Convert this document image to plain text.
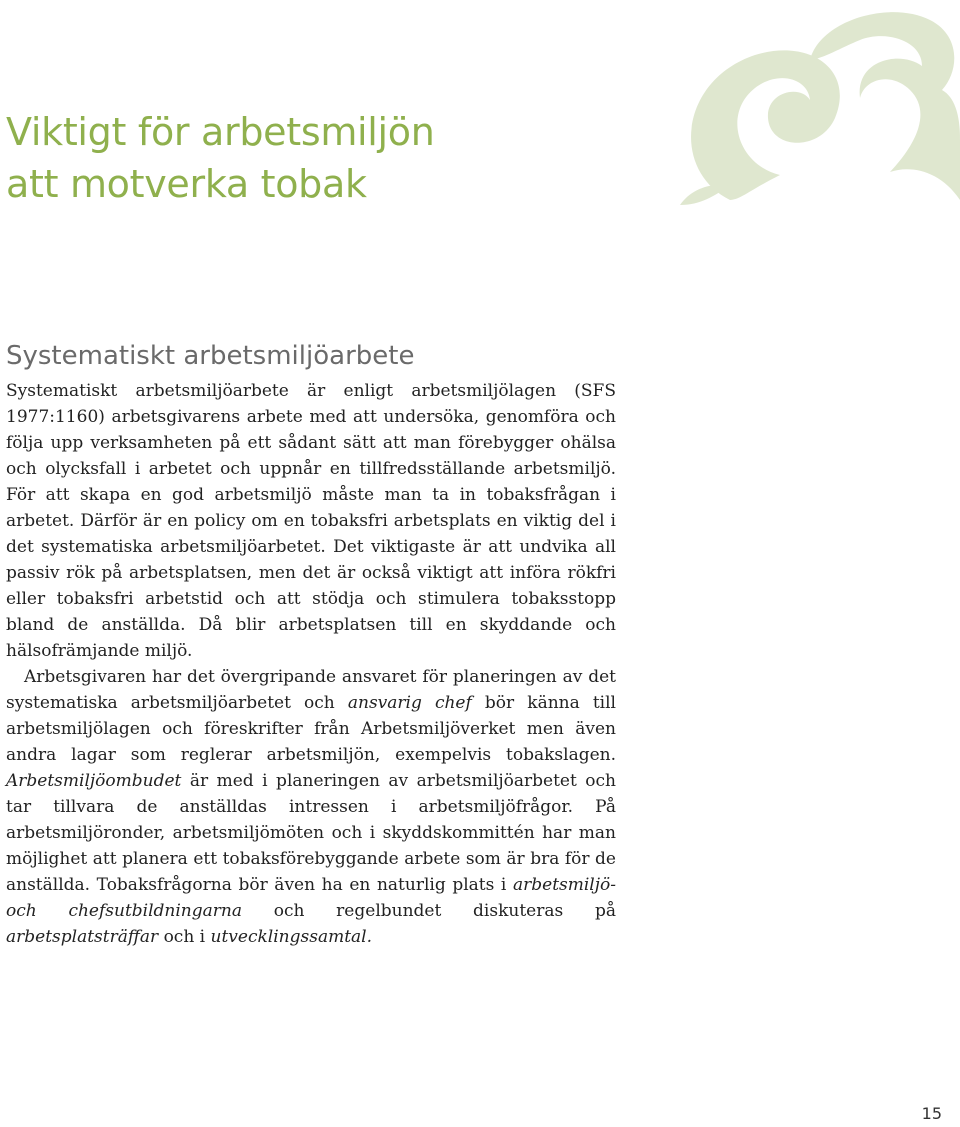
Viktigt för arbetsmiljön
att motverka tobak
Systematiskt arbetsmiljöarbete

Systematiskt arbetsmiljöarbete är enligt arbetsmiljölagen (SFS 1977:1160) arbetsgivarens arbete med att undersöka, genomföra och följa upp verksamheten på ett sådant sätt att man förebygger ohälsa och olycksfall i arbetet och uppnår en tillfredsställande arbetsmiljö. För att skapa en god arbetsmiljö måste man ta in tobaksfrågan i arbetet. Därför är en policy om en tobaksfri arbetsplats en viktig del i det systematiska arbetsmiljöarbetet. Det viktigaste är att undvika all passiv rök på arbetsplatsen, men det är också viktigt att införa rökfri eller tobaksfri arbetstid och att stödja och stimulera tobaksstopp bland de anställda. Då blir arbetsplatsen till en skyddande och hälsofrämjande miljö.

Arbetsgivaren har det övergripande ansvaret för planeringen av det systematiska arbetsmiljöarbetet och ansvarig chef bör känna till arbetsmiljölagen och föreskrifter från Arbetsmiljöverket men även andra lagar som reglerar arbetsmiljön, exempelvis tobakslagen. Arbetsmiljöombudet är med i planeringen av arbetsmiljöarbetet och tar tillvara de anställdas intressen i arbetsmiljöfrågor. På arbetsmiljöronder, arbetsmiljömöten och i skyddskommittén har man möjlighet att planera ett tobaksförebyggande arbete som är bra för de anställda. Tobaksfrågorna bör även ha en naturlig plats i arbetsmiljö- och chefsutbildningarna och regelbundet diskuteras på arbetsplatsträffar och i utvecklingssamtal.

15
